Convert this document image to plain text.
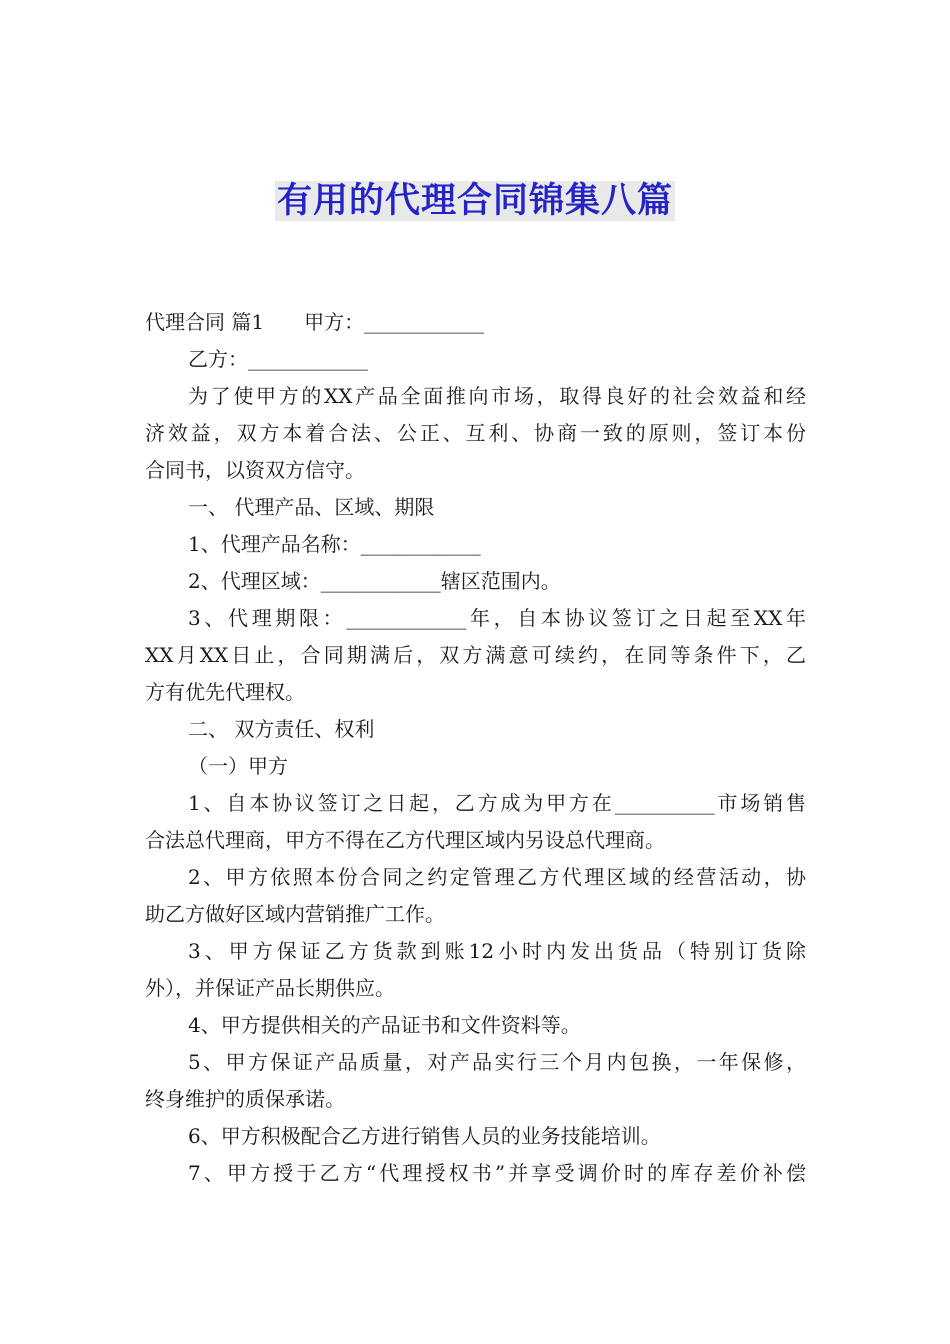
有用的代理合同锦集八篇
代理合同 篇1　　甲方：____________
乙方：____________
为了使甲方的XX产品全面推向市场，取得良好的社会效益和经
济效益，双方本着合法、公正、互利、协商一致的原则，签订本份
合同书，以资双方信守。
一、 代理产品、区域、期限
1、代理产品名称：____________
2、代理区域：____________辖区范围内。
3、代理期限：____________年，自本协议签订之日起至XX年
XX月XX日止，合同期满后，双方满意可续约，在同等条件下，乙
方有优先代理权。
二、 双方责任、权利
（一）甲方
1、自本协议签订之日起，乙方成为甲方在__________市场销售
合法总代理商，甲方不得在乙方代理区域内另设总代理商。
2、甲方依照本份合同之约定管理乙方代理区域的经营活动，协
助乙方做好区域内营销推广工作。
3、甲方保证乙方货款到账12小时内发出货品（特别订货除
外），并保证产品长期供应。
4、甲方提供相关的产品证书和文件资料等。
5、甲方保证产品质量，对产品实行三个月内包换，一年保修，
终身维护的质保承诺。
6、甲方积极配合乙方进行销售人员的业务技能培训。
7、甲方授于乙方“代理授权书”并享受调价时的库存差价补偿
